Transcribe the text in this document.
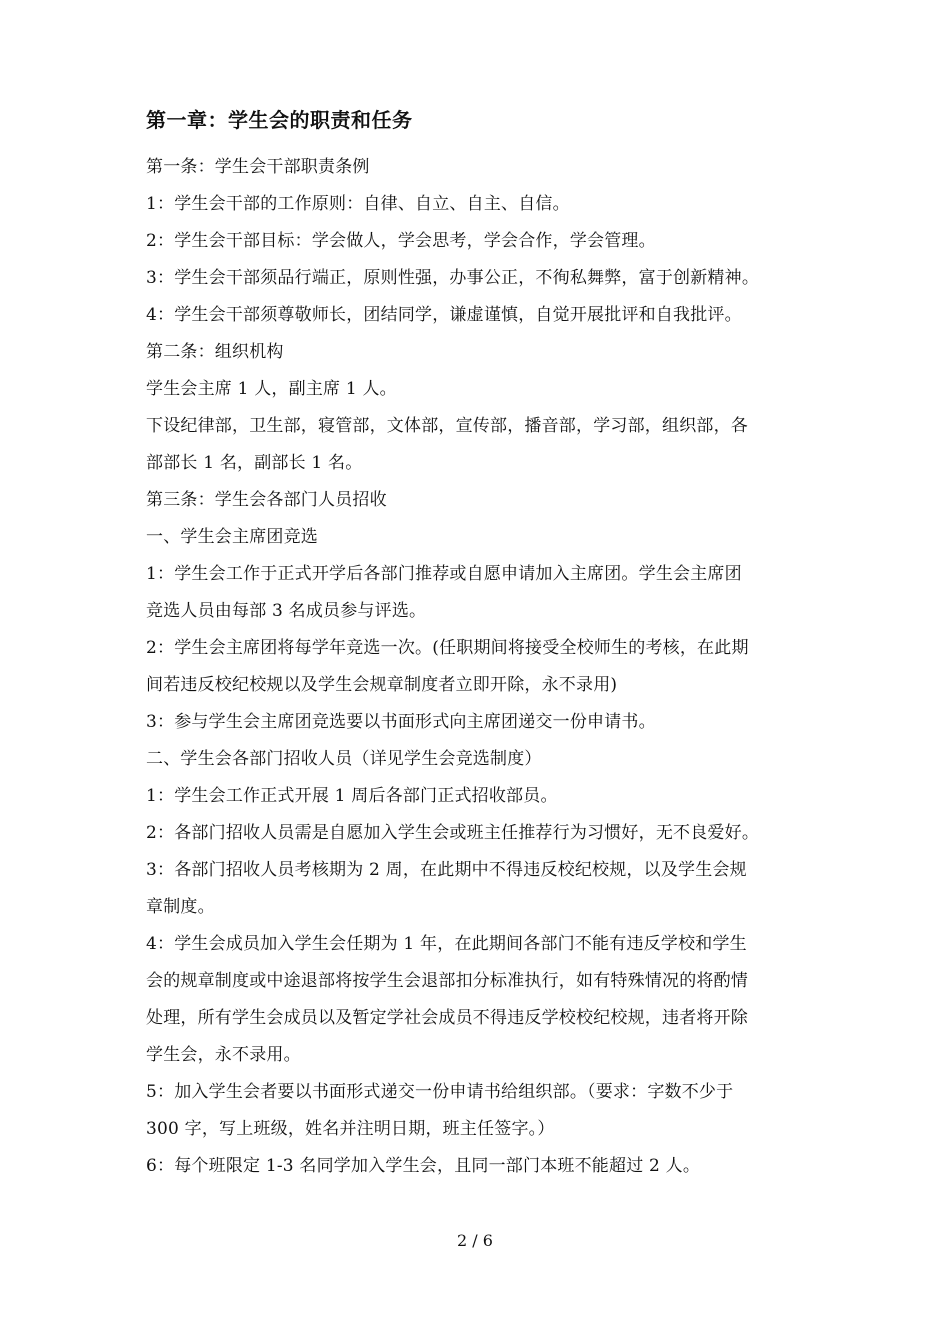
第一章：学生会的职责和任务
第一条：学生会干部职责条例
1：学生会干部的工作原则：自律、自立、自主、自信。
2：学生会干部目标：学会做人，学会思考，学会合作，学会管理。
3：学生会干部须品行端正，原则性强，办事公正，不徇私舞弊，富于创新精神。
4：学生会干部须尊敬师长，团结同学，谦虚谨慎，自觉开展批评和自我批评。
第二条：组织机构
学生会主席 1 人，副主席 1 人。
下设纪律部，卫生部，寝管部，文体部，宣传部，播音部，学习部，组织部，各
部部长 1 名，副部长 1 名。
第三条：学生会各部门人员招收
一、学生会主席团竞选
1：学生会工作于正式开学后各部门推荐或自愿申请加入主席团。学生会主席团
竞选人员由每部 3 名成员参与评选。
2：学生会主席团将每学年竞选一次。(任职期间将接受全校师生的考核，在此期
间若违反校纪校规以及学生会规章制度者立即开除，永不录用)
3：参与学生会主席团竞选要以书面形式向主席团递交一份申请书。
二、学生会各部门招收人员（详见学生会竞选制度）
1：学生会工作正式开展 1 周后各部门正式招收部员。
2：各部门招收人员需是自愿加入学生会或班主任推荐行为习惯好，无不良爱好。
3：各部门招收人员考核期为 2 周，在此期中不得违反校纪校规，以及学生会规
章制度。
4：学生会成员加入学生会任期为 1 年，在此期间各部门不能有违反学校和学生
会的规章制度或中途退部将按学生会退部扣分标准执行，如有特殊情况的将酌情
处理，所有学生会成员以及暂定学社会成员不得违反学校校纪校规，违者将开除
学生会，永不录用。
5：加入学生会者要以书面形式递交一份申请书给组织部。（要求：字数不少于
300 字，写上班级，姓名并注明日期，班主任签字。）
6：每个班限定 1-3 名同学加入学生会，且同一部门本班不能超过 2 人。
2 / 6
